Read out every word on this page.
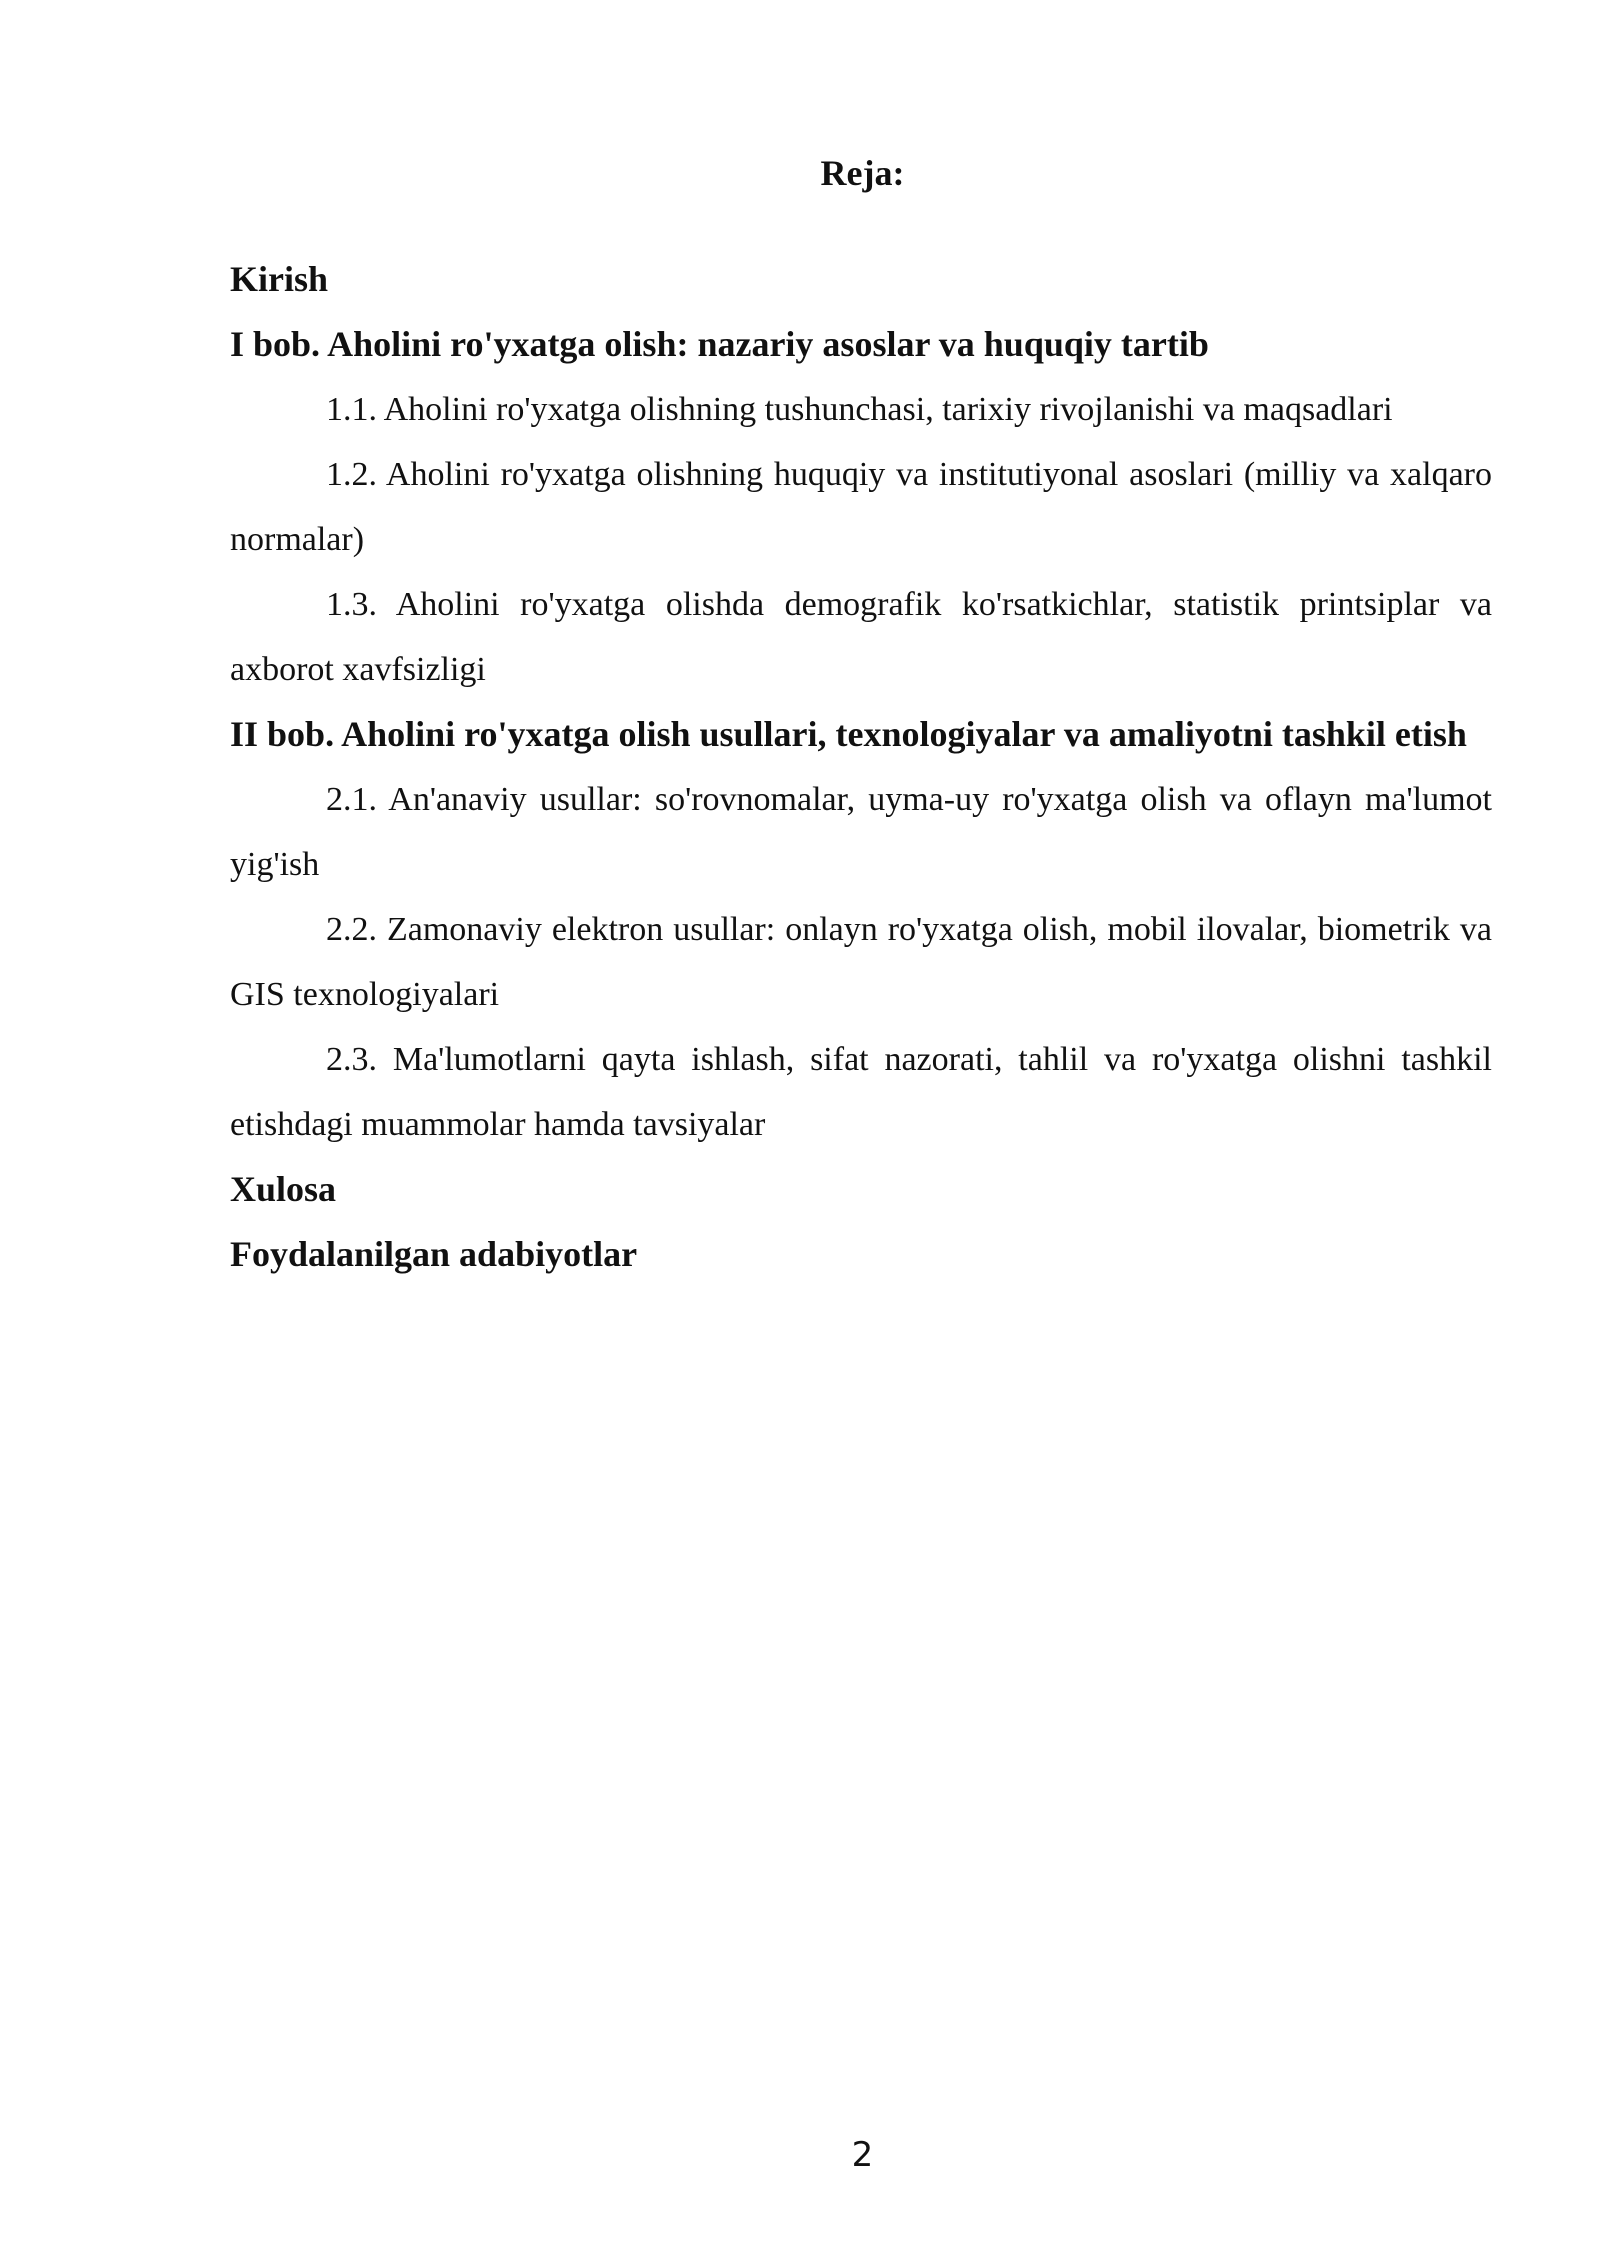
Reja:

Kirish

I bob. Aholini ro'yxatga olish: nazariy asoslar va huquqiy tartib

1.1. Aholini ro'yxatga olishning tushunchasi, tarixiy rivojlanishi va maqsadlari

1.2. Aholini ro'yxatga olishning huquqiy va institutiyonal asoslari (milliy va xalqaro normalar)

1.3. Aholini ro'yxatga olishda demografik ko'rsatkichlar, statistik printsiplar va axborot xavfsizligi

II bob. Aholini ro'yxatga olish usullari, texnologiyalar va amaliyotni tashkil etish

2.1. An'anaviy usullar: so'rovnomalar, uyma-uy ro'yxatga olish va oflayn ma'lumot yig'ish

2.2. Zamonaviy elektron usullar: onlayn ro'yxatga olish, mobil ilovalar, biometrik va GIS texnologiyalari

2.3. Ma'lumotlarni qayta ishlash, sifat nazorati, tahlil va ro'yxatga olishni tashkil etishdagi muammolar hamda tavsiyalar

Xulosa

Foydalanilgan adabiyotlar

2
